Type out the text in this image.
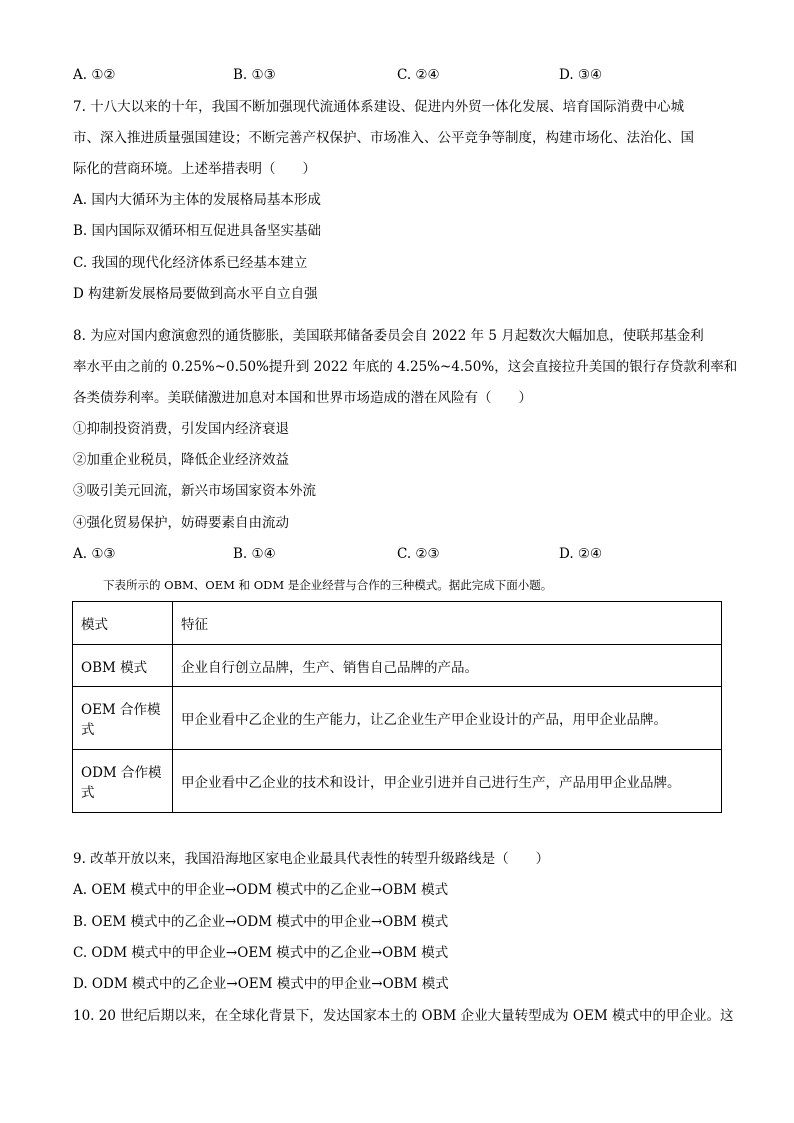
A. ①②	B. ①③	C. ②④	D. ③④
7. 十八大以来的十年，我国不断加强现代流通体系建设、促进内外贸一体化发展、培育国际消费中心城
市、深入推进质量强国建设；不断完善产权保护、市场准入、公平竞争等制度，构建市场化、法治化、国
际化的营商环境。上述举措表明（　　）
A. 国内大循环为主体的发展格局基本形成
B. 国内国际双循环相互促进具备坚实基础
C. 我国的现代化经济体系已经基本建立
D 构建新发展格局要做到高水平自立自强
8. 为应对国内愈演愈烈的通货膨胀，美国联邦储备委员会自 2022 年 5 月起数次大幅加息，使联邦基金利
率水平由之前的 0.25%~0.50%提升到 2022 年底的 4.25%~4.50%，这会直接拉升美国的银行存贷款利率和
各类债券利率。美联储激进加息对本国和世界市场造成的潜在风险有（　　）
①抑制投资消费，引发国内经济衰退
②加重企业税员，降低企业经济效益
③吸引美元回流，新兴市场国家资本外流
④强化贸易保护，妨碍要素自由流动
A. ①③	B. ①④	C. ②③	D. ②④
下表所示的 OBM、OEM 和 ODM 是企业经营与合作的三种模式。据此完成下面小题。
模式	特征
OBM 模式	企业自行创立品牌，生产、销售自己品牌的产品。
OEM 合作模式	甲企业看中乙企业的生产能力，让乙企业生产甲企业设计的产品，用甲企业品牌。
ODM 合作模式	甲企业看中乙企业的技术和设计，甲企业引进并自己进行生产，产品用甲企业品牌。
9. 改革开放以来，我国沿海地区家电企业最具代表性的转型升级路线是（　　）
A. OEM 模式中的甲企业→ODM 模式中的乙企业→OBM 模式
B. OEM 模式中的乙企业→ODM 模式中的甲企业→OBM 模式
C. ODM 模式中的甲企业→OEM 模式中的乙企业→OBM 模式
D. ODM 模式中的乙企业→OEM 模式中的甲企业→OBM 模式
10. 20 世纪后期以来，在全球化背景下，发达国家本土的 OBM 企业大量转型成为 OEM 模式中的甲企业。这
